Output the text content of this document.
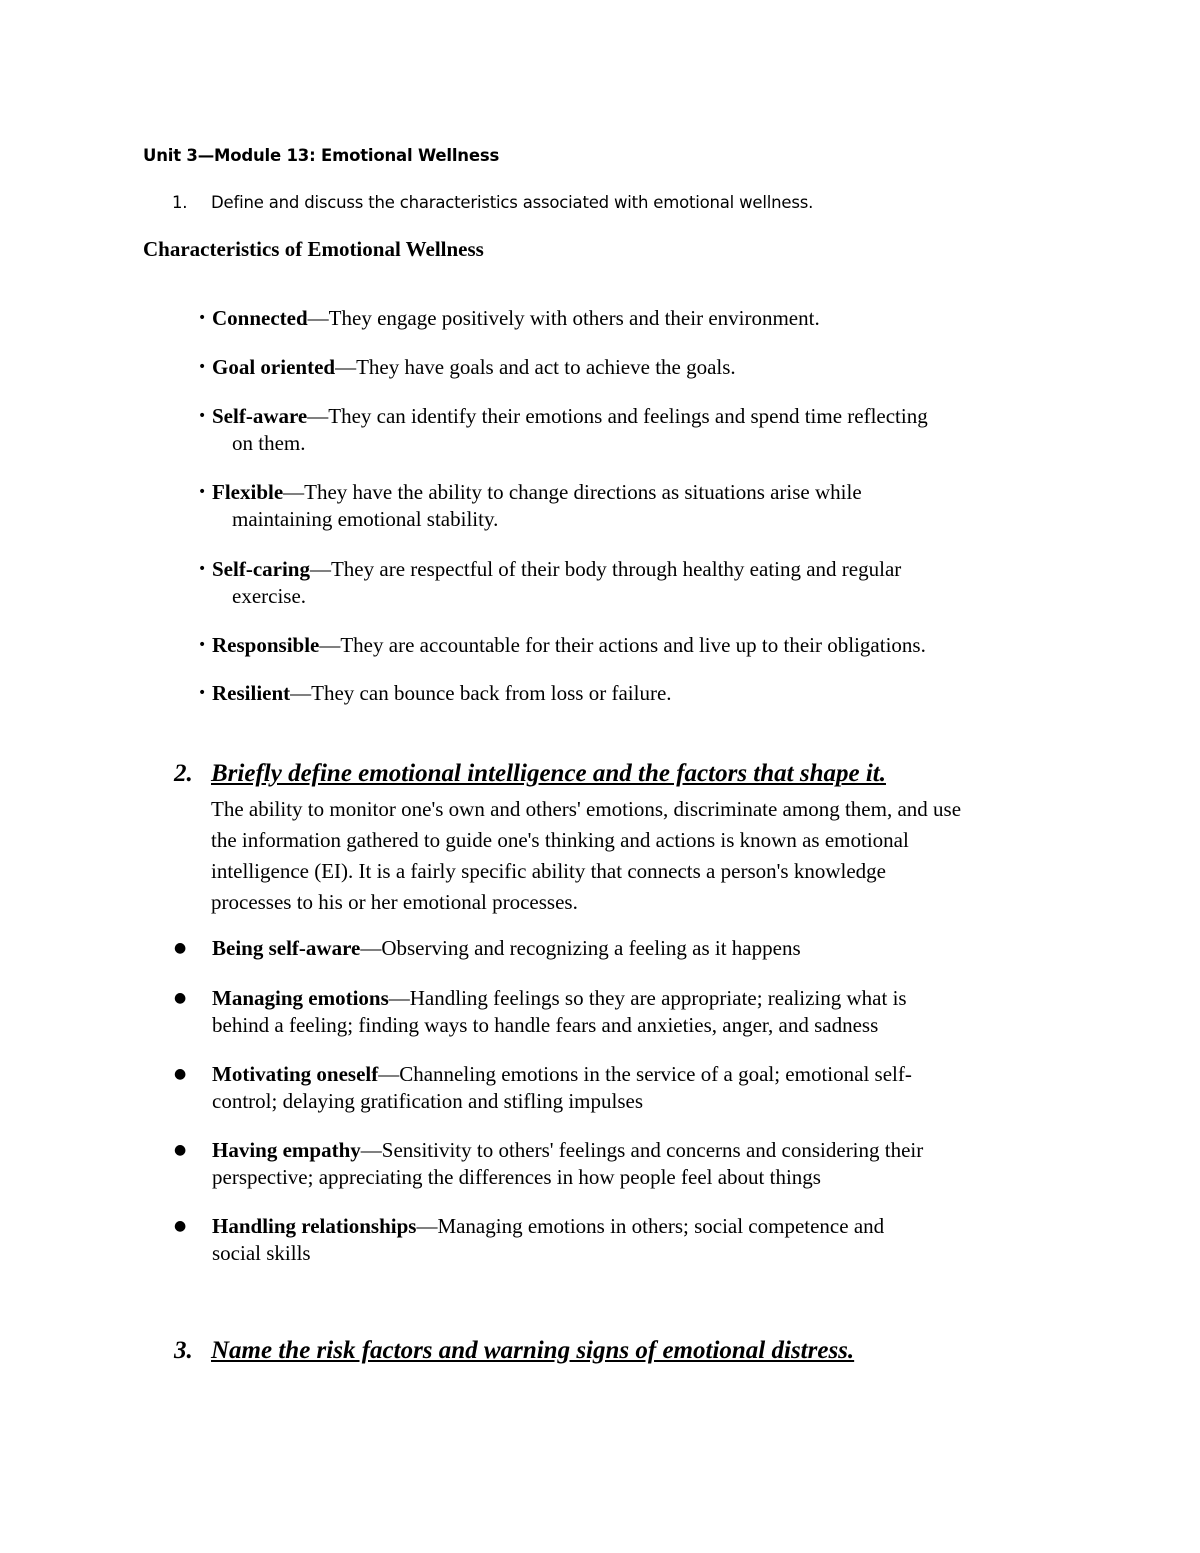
Unit 3—Module 13: Emotional Wellness
1. Define and discuss the characteristics associated with emotional wellness.
Characteristics of Emotional Wellness
• Connected—They engage positively with others and their environment.
• Goal oriented—They have goals and act to achieve the goals.
• Self-aware—They can identify their emotions and feelings and spend time reflecting
on them.
• Flexible—They have the ability to change directions as situations arise while
maintaining emotional stability.
• Self-caring—They are respectful of their body through healthy eating and regular
exercise.
• Responsible—They are accountable for their actions and live up to their obligations.
• Resilient—They can bounce back from loss or failure.
2. Briefly define emotional intelligence and the factors that shape it.
The ability to monitor one's own and others' emotions, discriminate among them, and use
the information gathered to guide one's thinking and actions is known as emotional
intelligence (EI). It is a fairly specific ability that connects a person's knowledge
processes to his or her emotional processes.
● Being self-aware—Observing and recognizing a feeling as it happens
● Managing emotions—Handling feelings so they are appropriate; realizing what is
behind a feeling; finding ways to handle fears and anxieties, anger, and sadness
● Motivating oneself—Channeling emotions in the service of a goal; emotional self-
control; delaying gratification and stifling impulses
● Having empathy—Sensitivity to others' feelings and concerns and considering their
perspective; appreciating the differences in how people feel about things
● Handling relationships—Managing emotions in others; social competence and
social skills
3. Name the risk factors and warning signs of emotional distress.
